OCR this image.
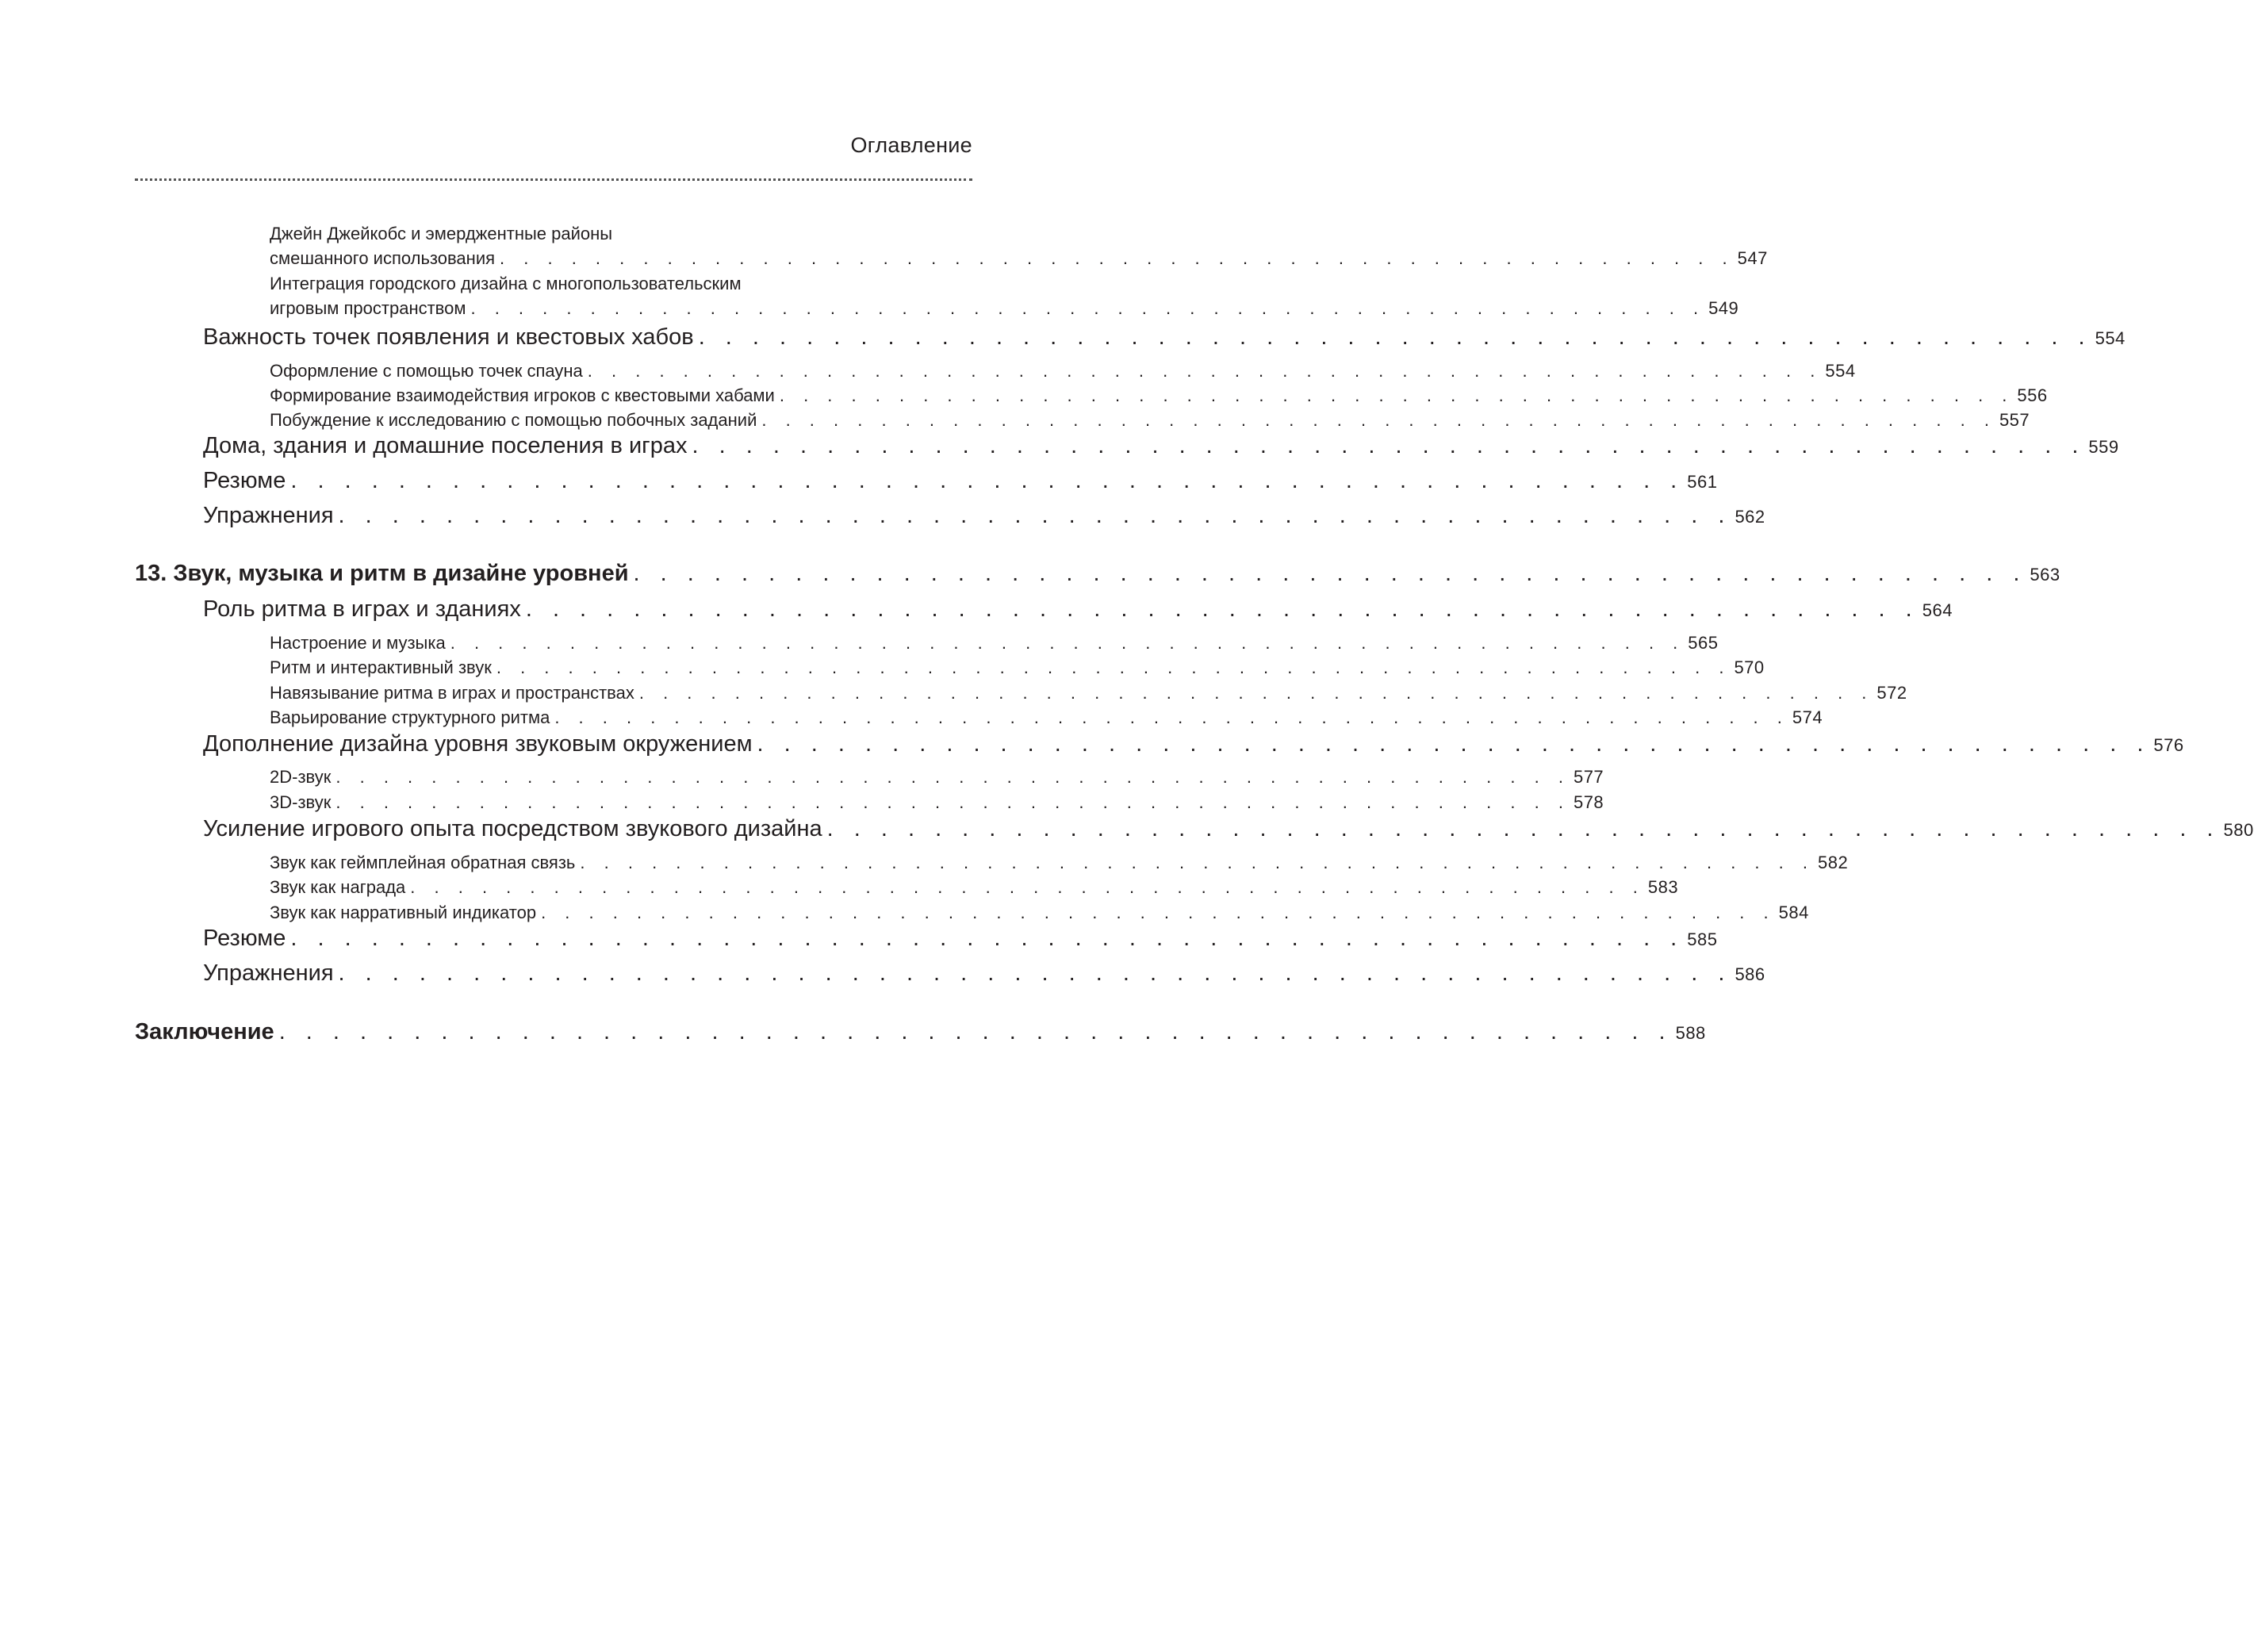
Оглавление
Джейн Джейкобс и эмерджентные районы
смешанного использования . . . . . . . . . . . . . . . . . . . . . . . . . . . . . . . . . . . . . . . . . . . . . . . . . . . . 547
Интеграция городского дизайна с многопользовательским
игровым пространством . . . . . . . . . . . . . . . . . . . . . . . . . . . . . . . . . . . . . . . . . . . . . . . . . . . . 549
Важность точек появления и квестовых хабов . . . . . . . . . . . . . . . . . . . . . . . . . . . . . . . . . . . . . . . . . . . . . . . . . . . . 554
Оформление с помощью точек спауна . . . . . . . . . . . . . . . . . . . . . . . . . . . . . . . . . . . . . . . . . . . . . . . . . . . . 554
Формирование взаимодействия игроков с квестовыми хабами . . . . . . . . . . . . . . . . . . . . . . . . . . . . . . . . . . . . . . . . . . . . . . . . . . . . 556
Побуждение к исследованию с помощью побочных заданий . . . . . . . . . . . . . . . . . . . . . . . . . . . . . . . . . . . . . . . . . . . . . . . . . . . . 557
Дома, здания и домашние поселения в играх . . . . . . . . . . . . . . . . . . . . . . . . . . . . . . . . . . . . . . . . . . . . . . . . . . . . 559
Резюме . . . . . . . . . . . . . . . . . . . . . . . . . . . . . . . . . . . . . . . . . . . . . . . . . . . . 561
Упражнения . . . . . . . . . . . . . . . . . . . . . . . . . . . . . . . . . . . . . . . . . . . . . . . . . . . . 562
13. Звук, музыка и ритм в дизайне уровней . . . . . . . . . . . . . . . . . . . . . . . . . . . . . . . . . . . . . . . . . . . . . . . . . . . . 563
Роль ритма в играх и зданиях . . . . . . . . . . . . . . . . . . . . . . . . . . . . . . . . . . . . . . . . . . . . . . . . . . . . 564
Настроение и музыка . . . . . . . . . . . . . . . . . . . . . . . . . . . . . . . . . . . . . . . . . . . . . . . . . . . . 565
Ритм и интерактивный звук . . . . . . . . . . . . . . . . . . . . . . . . . . . . . . . . . . . . . . . . . . . . . . . . . . . . 570
Навязывание ритма в играх и пространствах . . . . . . . . . . . . . . . . . . . . . . . . . . . . . . . . . . . . . . . . . . . . . . . . . . . . 572
Варьирование структурного ритма . . . . . . . . . . . . . . . . . . . . . . . . . . . . . . . . . . . . . . . . . . . . . . . . . . . . 574
Дополнение дизайна уровня звуковым окружением . . . . . . . . . . . . . . . . . . . . . . . . . . . . . . . . . . . . . . . . . . . . . . . . . . . . 576
2D-звук . . . . . . . . . . . . . . . . . . . . . . . . . . . . . . . . . . . . . . . . . . . . . . . . . . . . 577
3D-звук . . . . . . . . . . . . . . . . . . . . . . . . . . . . . . . . . . . . . . . . . . . . . . . . . . . . 578
Усиление игрового опыта посредством звукового дизайна . . . . . . . . . . . . . . . . . . . . . . . . . . . . . . . . . . . . . . . . . . . . . . . . . . . . 580
Звук как геймплейная обратная связь . . . . . . . . . . . . . . . . . . . . . . . . . . . . . . . . . . . . . . . . . . . . . . . . . . . . 582
Звук как награда . . . . . . . . . . . . . . . . . . . . . . . . . . . . . . . . . . . . . . . . . . . . . . . . . . . . 583
Звук как нарративный индикатор . . . . . . . . . . . . . . . . . . . . . . . . . . . . . . . . . . . . . . . . . . . . . . . . . . . . 584
Резюме . . . . . . . . . . . . . . . . . . . . . . . . . . . . . . . . . . . . . . . . . . . . . . . . . . . . 585
Упражнения . . . . . . . . . . . . . . . . . . . . . . . . . . . . . . . . . . . . . . . . . . . . . . . . . . . . 586
Заключение . . . . . . . . . . . . . . . . . . . . . . . . . . . . . . . . . . . . . . . . . . . . . . . . . . . . 588
